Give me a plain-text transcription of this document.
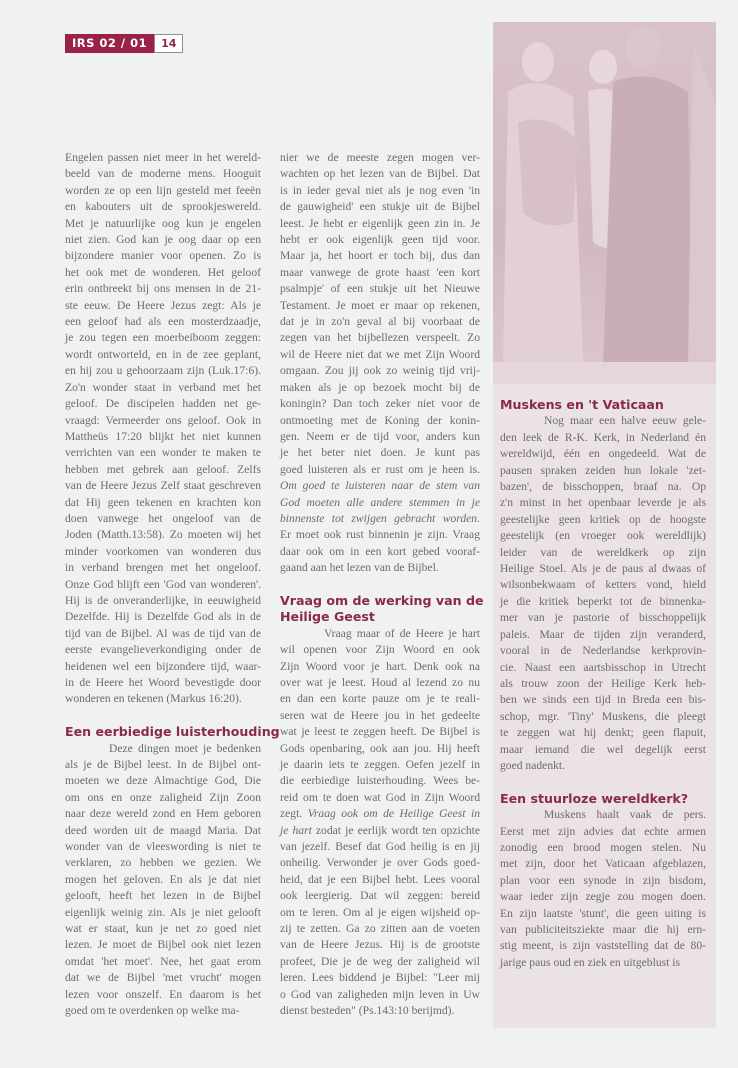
IRS 02 / 01	14
Engelen passen niet meer in het wereld-
beeld van de moderne mens. Hooguit
worden ze op een lijn gesteld met feeën
en kabouters uit de sprookjeswereld.
Met je natuurlijke oog kun je engelen
niet zien. God kan je oog daar op een
bijzondere manier voor openen. Zo is
het ook met de wonderen. Het geloof
erin ontbreekt bij ons mensen in de 21-
ste eeuw. De Heere Jezus zegt: Als je
een geloof had als een mosterdzaadje,
je zou tegen een moerbeiboom zeggen:
wordt ontworteld, en in de zee geplant,
en hij zou u gehoorzaam zijn (Luk.17:6).
Zo'n wonder staat in verband met het
geloof. De discipelen hadden net ge-
vraagd: Vermeerder ons geloof. Ook in
Mattheüs 17:20 blijkt het niet kunnen
verrichten van een wonder te maken te
hebben met gebrek aan geloof. Zelfs
van de Heere Jezus Zelf staat geschreven
dat Hij geen tekenen en krachten kon
doen vanwege het ongeloof van de
Joden (Matth.13:58). Zo moeten wij het
minder voorkomen van wonderen dus
in verband brengen met het ongeloof.
Onze God blijft een 'God van wonderen'.
Hij is de onveranderlijke, in eeuwigheid
Dezelfde. Hij is Dezelfde God als in de
tijd van de Bijbel. Al was de tijd van de
eerste evangelieverkondiging onder de
heidenen wel een bijzondere tijd, waar-
in de Heere het Woord bevestigde door
wonderen en tekenen (Markus 16:20).
Een eerbiedige luisterhouding
Deze dingen moet je bedenken
als je de Bijbel leest. In de Bijbel ont-
moeten we deze Almachtige God, Die
om ons en onze zaligheid Zijn Zoon
naar deze wereld zond en Hem geboren
deed worden uit de maagd Maria. Dat
wonder van de vleeswording is niet te
verklaren, zo hebben we gezien. We
mogen het geloven. En als je dat niet
gelooft, heeft het lezen in de Bijbel
eigenlijk weinig zin. Als je niet gelooft
wat er staat, kun je net zo goed niet
lezen. Je moet de Bijbel ook niet lezen
omdat 'het moet'. Nee, het gaat erom
dat we de Bijbel 'met vrucht' mogen
lezen voor onszelf. En daarom is het
goed om te overdenken op welke ma-
nier we de meeste zegen mogen ver-
wachten op het lezen van de Bijbel. Dat
is in ieder geval niet als je nog even 'in
de gauwigheid' een stukje uit de Bijbel
leest. Je hebt er eigenlijk geen zin in. Je
hebt er ook eigenlijk geen tijd voor.
Maar ja, het hoort er toch bij, dus dan
maar vanwege de grote haast 'een kort
psalmpje' of een stukje uit het Nieuwe
Testament. Je moet er maar op rekenen,
dat je in zo'n geval al bij voorbaat de
zegen van het bijbellezen verspeelt. Zo
wil de Heere niet dat we met Zijn Woord
omgaan. Zou jij ook zo weinig tijd vrij-
maken als je op bezoek mocht bij de
koningin? Dan toch zeker niet voor de
ontmoeting met de Koning der konin-
gen. Neem er de tijd voor, anders kun
je het beter niet doen. Je kunt pas
goed luisteren als er rust om je heen is.
Om goed te luisteren naar de stem van
God moeten alle andere stemmen in je
binnenste tot zwijgen gebracht worden.
Er moet ook rust binnenin je zijn. Vraag
daar ook om in een kort gebed vooraf-
gaand aan het lezen van de Bijbel.
Vraag om de werking van de
Heilige Geest
Vraag maar of de Heere je hart
wil openen voor Zijn Woord en ook
Zijn Woord voor je hart. Denk ook na
over wat je leest. Houd al lezend zo nu
en dan een korte pauze om je te reali-
seren wat de Heere jou in het gedeelte
wat je leest te zeggen heeft. De Bijbel is
Gods openbaring, ook aan jou. Hij heeft
je daarin iets te zeggen. Oefen jezelf in
die eerbiedige luisterhouding. Wees be-
reid om te doen wat God in Zijn Woord
zegt. Vraag ook om de Heilige Geest in
je hart zodat je eerlijk wordt ten opzichte
van jezelf. Besef dat God heilig is en jij
onheilig. Verwonder je over Gods goed-
heid, dat je een Bijbel hebt. Lees vooral
ook leergierig. Dat wil zeggen: bereid
om te leren. Om al je eigen wijsheid op-
zij te zetten. Ga zo zitten aan de voeten
van de Heere Jezus. Hij is de grootste
profeet, Die je de weg der zaligheid wil
leren. Lees biddend je Bijbel: "Leer mij
o God van zaligheden mijn leven in Uw
dienst besteden" (Ps.143:10 berijmd).
Muskens en 't Vaticaan
Nog maar een halve eeuw gele-
den leek de R-K. Kerk, in Nederland én
wereldwijd, één en ongedeeld. Wat de
pausen spraken zeiden hun lokale 'zet-
bazen', de bisschoppen, braaf na. Op
z'n minst in het openbaar leverde je als
geestelijke geen kritiek op de hoogste
geestelijk (en vroeger ook wereldlijk)
leider van de wereldkerk op zijn
Heilige Stoel. Als je de paus al dwaas of
wilsonbekwaam of ketters vond, hield
je die kritiek beperkt tot de binnenka-
mer van je pastorie of bisschoppelijk
paleis. Maar de tijden zijn veranderd,
vooral in de Nederlandse kerkprovin-
cie. Naast een aartsbisschop in Utrecht
als trouw zoon der Heilige Kerk heb-
ben we sinds een tijd in Breda een bis-
schop, mgr. 'Tiny' Muskens, die pleegt
te zeggen wat hij denkt; geen flapuit,
maar iemand die wel degelijk eerst
goed nadenkt.
Een stuurloze wereldkerk?
Muskens haalt vaak de pers.
Eerst met zijn advies dat echte armen
zonodig een brood mogen stelen. Nu
met zijn, door het Vaticaan afgeblazen,
plan voor een synode in zijn bisdom,
waar ieder zijn zegje zou mogen doen.
En zijn laatste 'stunt', die geen uiting is
van publiciteitsziekte maar die hij ern-
stig meent, is zijn vaststelling dat de 80-
jarige paus oud en ziek en uitgeblust is
